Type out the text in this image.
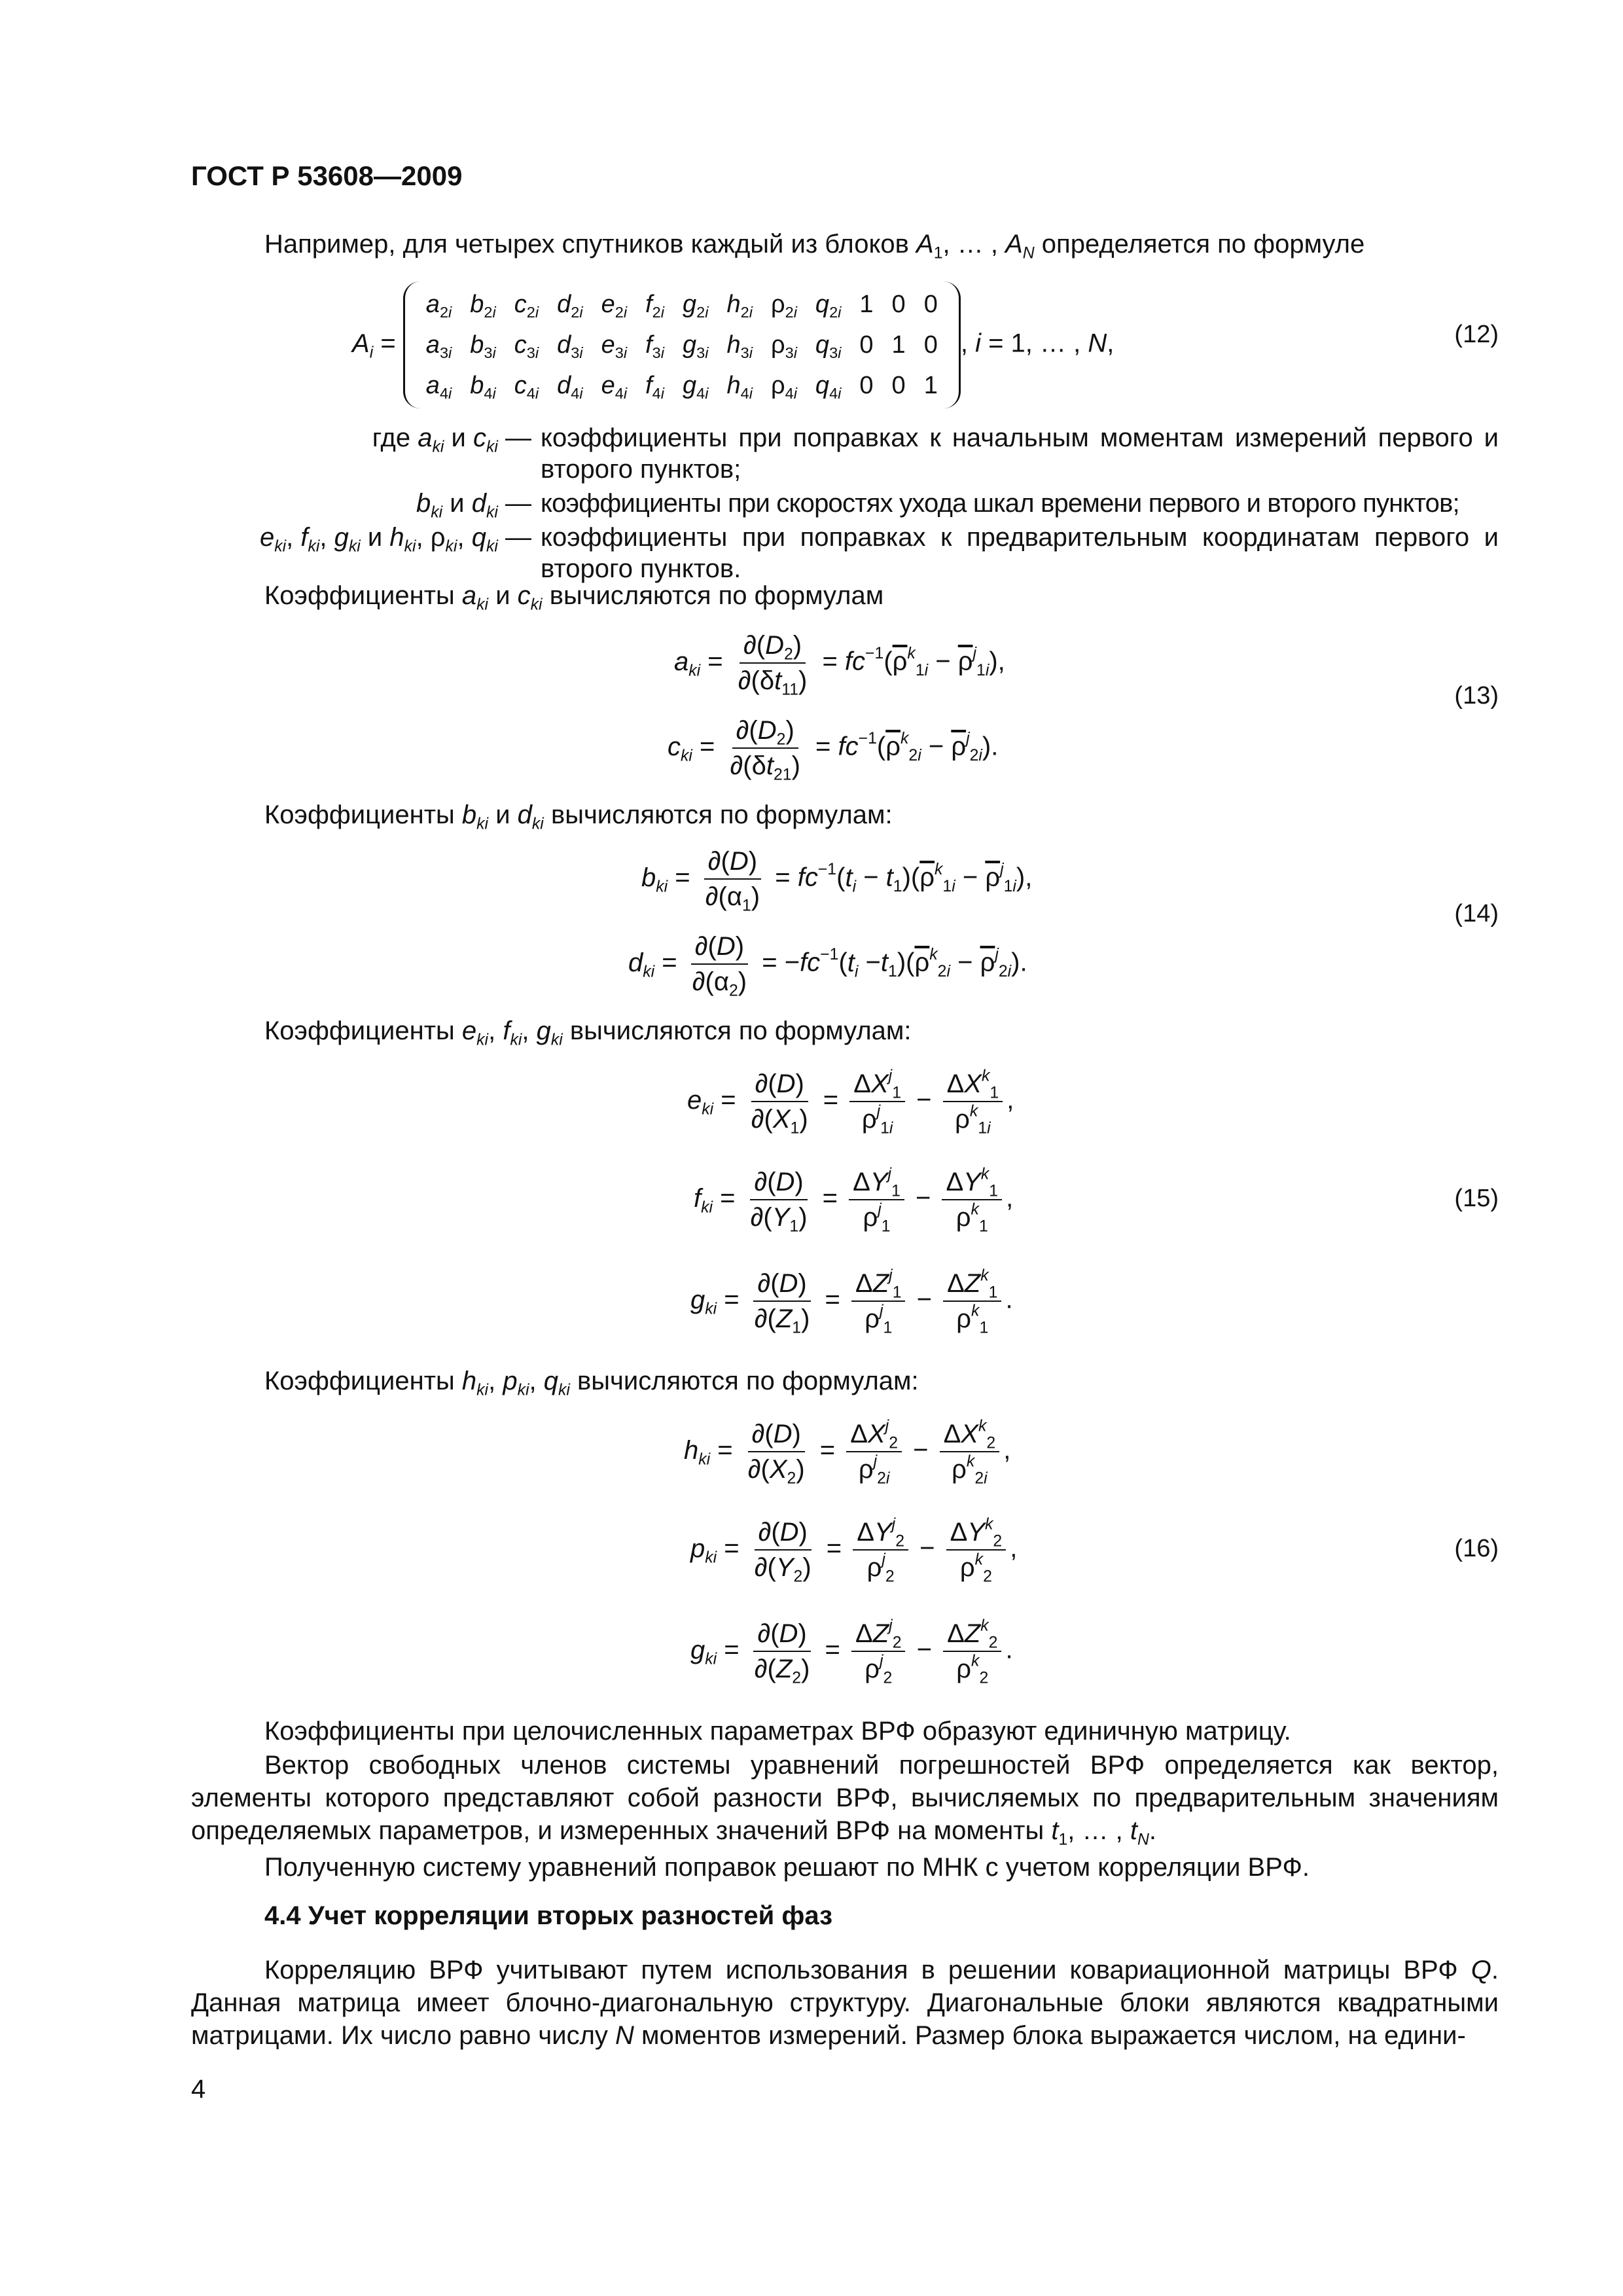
ГОСТ Р 53608—2009
Например, для четырех спутников каждый из блоков $A_1$, … , $A_N$ определяется по формуле
$A_i$ =
$a_{2i}$	$b_{2i}$	$c_{2i}$	$d_{2i}$	$e_{2i}$	$f_{2i}$	$g_{2i}$	$h_{2i}$	$\rho_{2i}$	$q_{2i}$	1	0	0
$a_{3i}$	$b_{3i}$	$c_{3i}$	$d_{3i}$	$e_{3i}$	$f_{3i}$	$g_{3i}$	$h_{3i}$	$\rho_{3i}$	$q_{3i}$	0	1	0
$a_{4i}$	$b_{4i}$	$c_{4i}$	$d_{4i}$	$e_{4i}$	$f_{4i}$	$g_{4i}$	$h_{4i}$	$\rho_{4i}$	$q_{4i}$	0	0	1
, i = 1, … , N,	(12)
где $a_{ki}$ и $c_{ki}$ — коэффициенты при поправках к начальным моментам измерений первого и второго пунктов;
$b_{ki}$ и $d_{ki}$ — коэффициенты при скоростях ухода шкал времени первого и второго пунктов;
$e_{ki}$, $f_{ki}$, $g_{ki}$ и $h_{ki}$, $\rho_{ki}$, $q_{ki}$ — коэффициенты при поправках к предварительным координатам первого и второго пунктов.
Коэффициенты $a_{ki}$ и $c_{ki}$ вычисляются по формулам
$a_{ki} = \frac{\partial(D_2)}{\partial(\delta t_{11})} = fc^{-1}(\overline{\rho}^k_{1i} - \overline{\rho}^j_{1i})$,
(13)
$c_{ki} = \frac{\partial(D_2)}{\partial(\delta t_{21})} = fc^{-1}(\overline{\rho}^k_{2i} - \overline{\rho}^j_{2i})$.
Коэффициенты $b_{ki}$ и $d_{ki}$ вычисляются по формулам:
$b_{ki} = \frac{\partial(D)}{\partial(\alpha_1)} = fc^{-1}(t_i - t_1)(\overline{\rho}^k_{1i} - \overline{\rho}^j_{1i})$,
(14)
$d_{ki} = \frac{\partial(D)}{\partial(\alpha_2)} = -fc^{-1}(t_i -t_1)(\overline{\rho}^k_{2i} - \overline{\rho}^j_{2i})$.
Коэффициенты $e_{ki}$, $f_{ki}$, $g_{ki}$ вычисляются по формулам:
$e_{ki} = \frac{\partial(D)}{\partial(X_1)} = \frac{\Delta X^j_1}{\rho^j_{1i}} - \frac{\Delta X^k_1}{\rho^k_{1i}}$ ,
$f_{ki} = \frac{\partial(D)}{\partial(Y_1)} = \frac{\Delta Y^j_1}{\rho^j_1} - \frac{\Delta Y^k_1}{\rho^k_1}$ ,	(15)
$g_{ki} = \frac{\partial(D)}{\partial(Z_1)} = \frac{\Delta Z^j_1}{\rho^j_1} - \frac{\Delta Z^k_1}{\rho^k_1}$ .
Коэффициенты $h_{ki}$, $p_{ki}$, $q_{ki}$ вычисляются по формулам:
$h_{ki} = \frac{\partial(D)}{\partial(X_2)} = \frac{\Delta X^j_2}{\rho^j_{2i}} - \frac{\Delta X^k_2}{\rho^k_{2i}}$ ,
$p_{ki} = \frac{\partial(D)}{\partial(Y_2)} = \frac{\Delta Y^j_2}{\rho^j_2} - \frac{\Delta Y^k_2}{\rho^k_2}$ ,	(16)
$g_{ki} = \frac{\partial(D)}{\partial(Z_2)} = \frac{\Delta Z^j_2}{\rho^j_2} - \frac{\Delta Z^k_2}{\rho^k_2}$ .
Коэффициенты при целочисленных параметрах ВРФ образуют единичную матрицу.
Вектор свободных членов системы уравнений погрешностей ВРФ определяется как вектор, элементы которого представляют собой разности ВРФ, вычисляемых по предварительным значениям определяемых параметров, и измеренных значений ВРФ на моменты $t_1$, … , $t_N$.
Полученную систему уравнений поправок решают по МНК с учетом корреляции ВРФ.
4.4 Учет корреляции вторых разностей фаз
Корреляцию ВРФ учитывают путем использования в решении ковариационной матрицы ВРФ Q. Данная матрица имеет блочно-диагональную структуру. Диагональные блоки являются квадратными матрицами. Их число равно числу N моментов измерений. Размер блока выражается числом, на едини-
4
